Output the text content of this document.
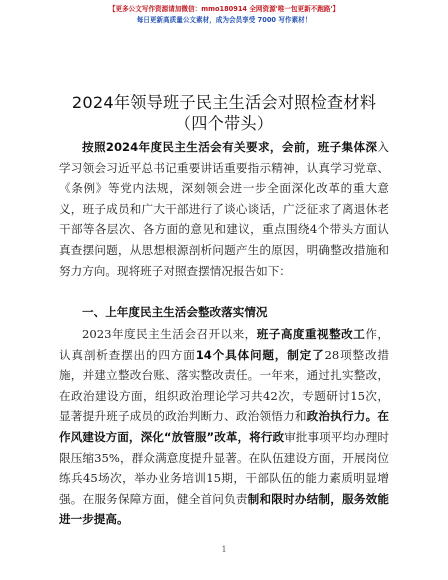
【更多公文写作资源请加微信：mmo180914 全网资源'唯一包更新不跑路'】
每日更新高质量公文素材，成为会员享受 7000 写作素材！
2024年领导班子民主生活会对照检查材料（四个带头）
按照2024年度民主生活会有关要求，会前，班子集体深入学习领会习近平总书记重要讲话重要指示精神，认真学习党章、《条例》等党内法规，深刻领会进一步全面深化改革的重大意义，班子成员和广大干部进行了谈心谈话，广泛征求了离退休老干部等各层次、各方面的意见和建议，重点围绕4个带头方面认真查摆问题，从思想根源剖析问题产生的原因，明确整改措施和努力方向。现将班子对照查摆情况报告如下：
一、上年度民主生活会整改落实情况
2023年度民主生活会召开以来，班子高度重视整改工作，认真剖析查摆出的四方面14个具体问题，制定了28项整改措施，并建立整改台账、落实整改责任。一年来，通过扎实整改，在政治建设方面，组织政治理论学习共42次，专题研讨15次，显著提升班子成员的政治判断力、政治领悟力和政治执行力。在作风建设方面，深化“放管服”改革，将行政审批事项平均办理时限压缩35%，群众满意度提升显著。在队伍建设方面，开展岗位练兵45场次，举办业务培训15期，干部队伍的能力素质明显增强。在服务保障方面，健全首问负责制和限时办结制，服务效能进一步提高。
1
